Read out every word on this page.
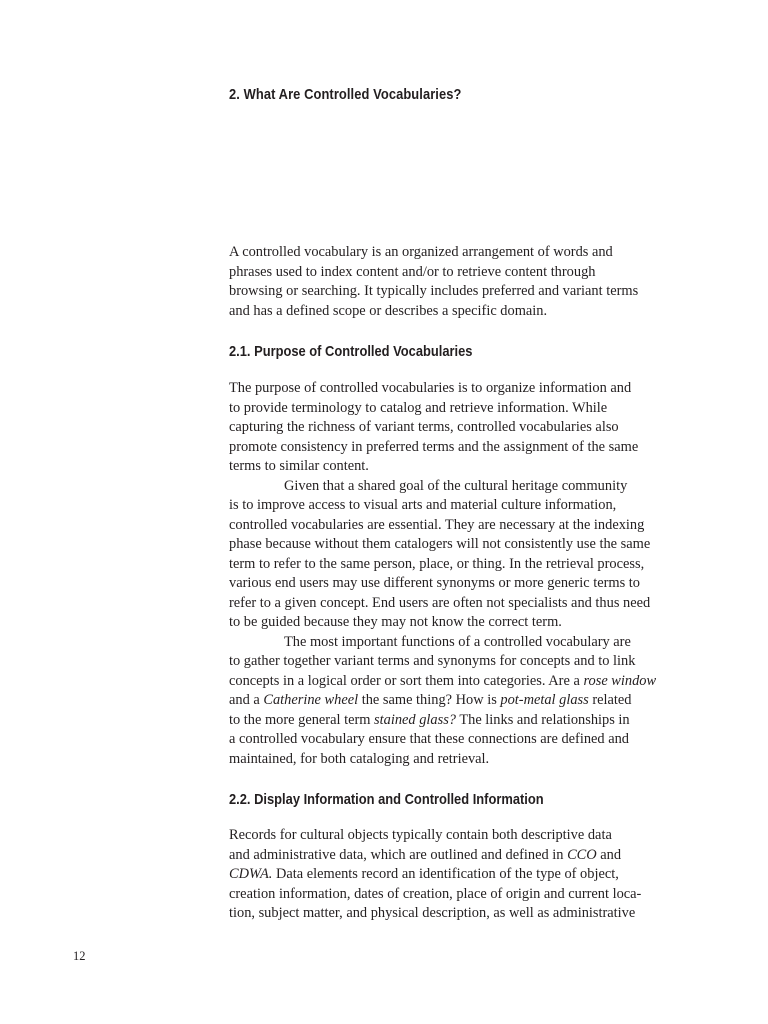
2. What Are Controlled Vocabularies?
A controlled vocabulary is an organized arrangement of words and
phrases used to index content and/or to retrieve content through
browsing or searching. It typically includes preferred and variant terms
and has a defined scope or describes a specific domain.
2.1. Purpose of Controlled Vocabularies
The purpose of controlled vocabularies is to organize information and
to provide terminology to catalog and retrieve information. While
capturing the richness of variant terms, controlled vocabularies also
promote consistency in preferred terms and the assignment of the same
terms to similar content.
Given that a shared goal of the cultural heritage community
is to improve access to visual arts and material culture information,
controlled vocabularies are essential. They are necessary at the indexing
phase because without them catalogers will not consistently use the same
term to refer to the same person, place, or thing. In the retrieval process,
various end users may use different synonyms or more generic terms to
refer to a given concept. End users are often not specialists and thus need
to be guided because they may not know the correct term.
The most important functions of a controlled vocabulary are
to gather together variant terms and synonyms for concepts and to link
concepts in a logical order or sort them into categories. Are a rose window
and a Catherine wheel the same thing? How is pot-metal glass related
to the more general term stained glass? The links and relationships in
a controlled vocabulary ensure that these connections are defined and
maintained, for both cataloging and retrieval.
2.2. Display Information and Controlled Information
Records for cultural objects typically contain both descriptive data
and administrative data, which are outlined and defined in CCO and
CDWA. Data elements record an identification of the type of object,
creation information, dates of creation, place of origin and current loca-
tion, subject matter, and physical description, as well as administrative
12
